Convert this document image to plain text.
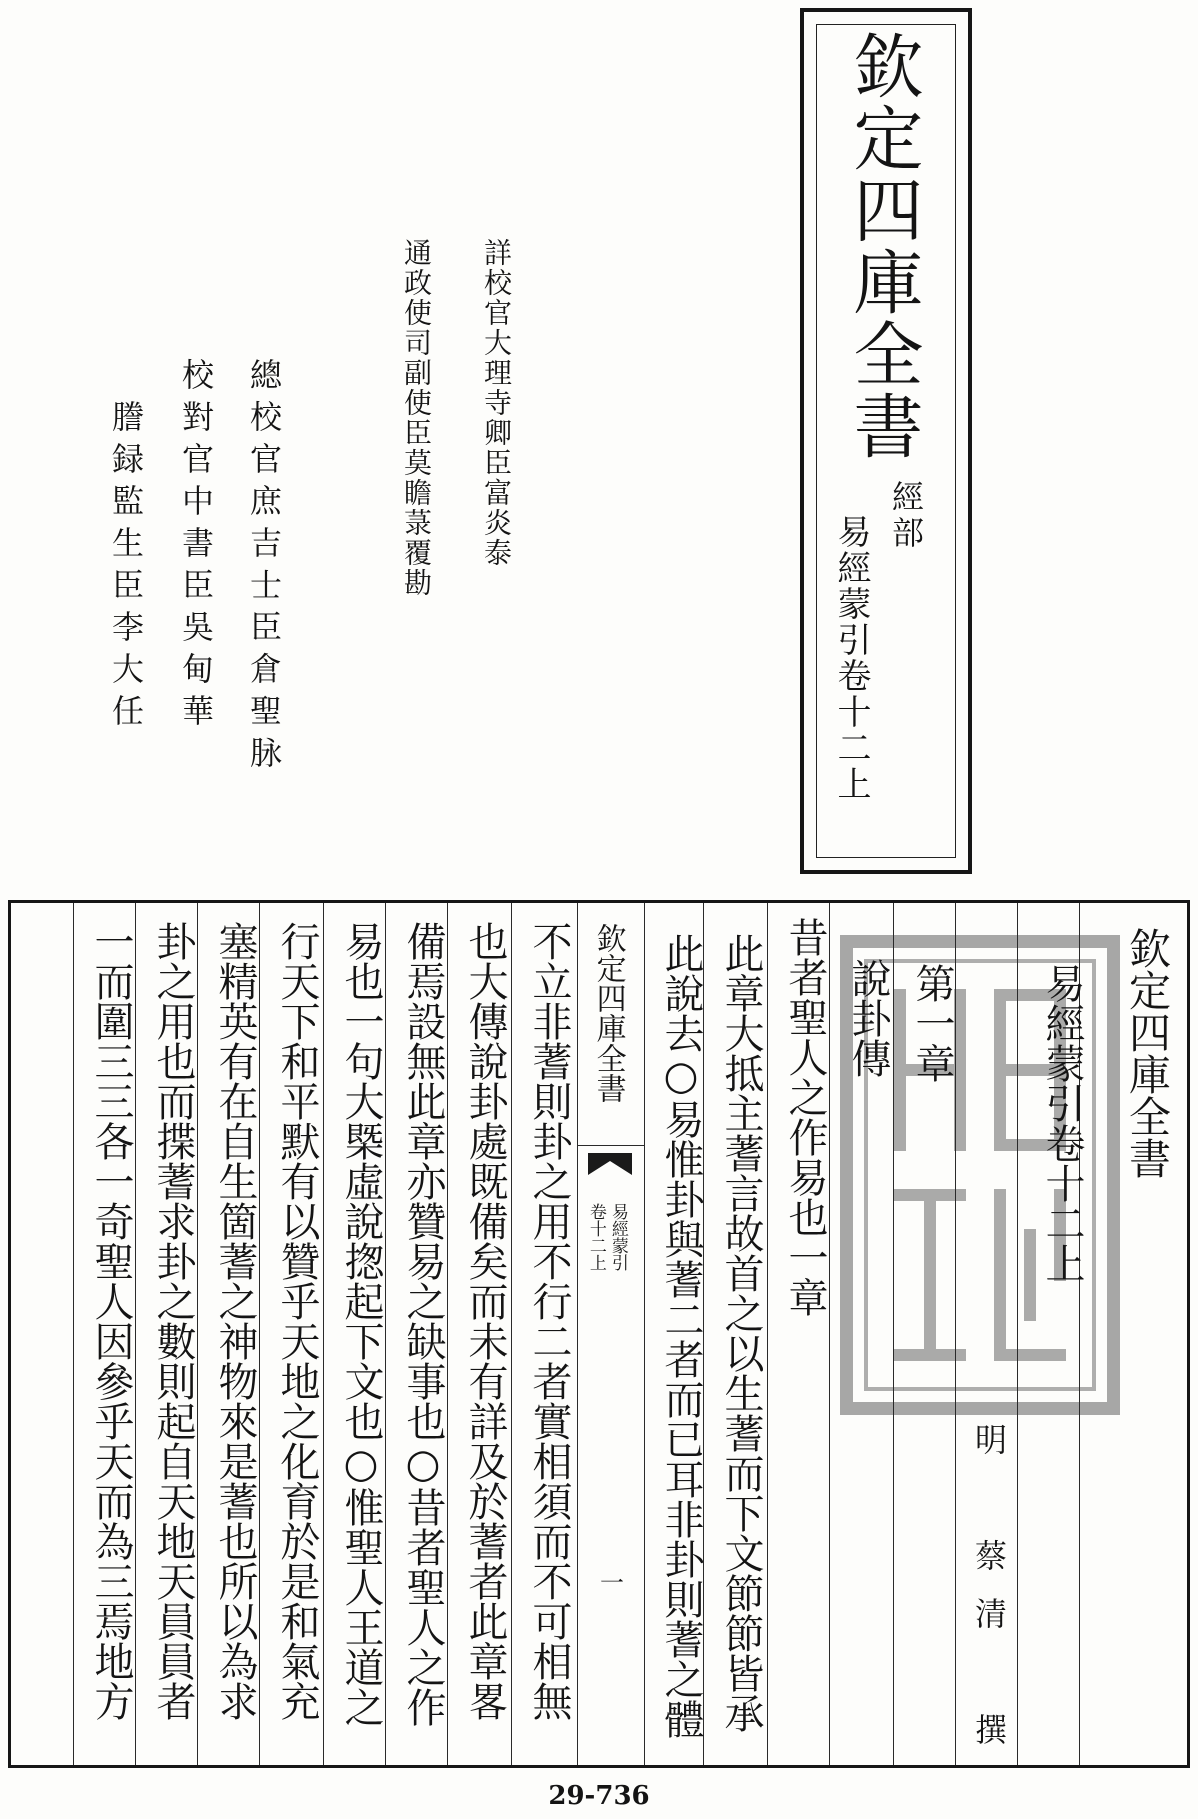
欽定四庫全書
經部
易經蒙引卷十二上
詳校官大理寺卿臣富炎泰
通政使司副使臣莫瞻菉覆勘
總校官庶吉士臣倉聖脉
校對官中書臣吳甸華
謄録監生臣李大任
欽定四庫全書
易經蒙引
卷十二上
一
欽定四庫全書
易經蒙引卷十二上
明　蔡清　撰
說卦傳 第一章
昔者聖人之作易也一章
此章大抵主蓍言故首之以生蓍而下文節節皆承
此說去○易惟卦與蓍二者而已耳非卦則蓍之體
不立非蓍則卦之用不行二者實相須而不可相無
也大傳說卦處既備矣而未有詳及於蓍者此章畧
備焉設無此章亦贊易之缺事也○昔者聖人之作
易也一句大槩虛說揔起下文也○惟聖人王道之
行天下和平默有以贊乎天地之化育於是和氣充
塞精英有在自生箇蓍之神物來是蓍也所以為求
卦之用也而揲蓍求卦之數則起自天地天員員者
一而圍三三各一奇聖人因參乎天而為三焉地方
29-736
